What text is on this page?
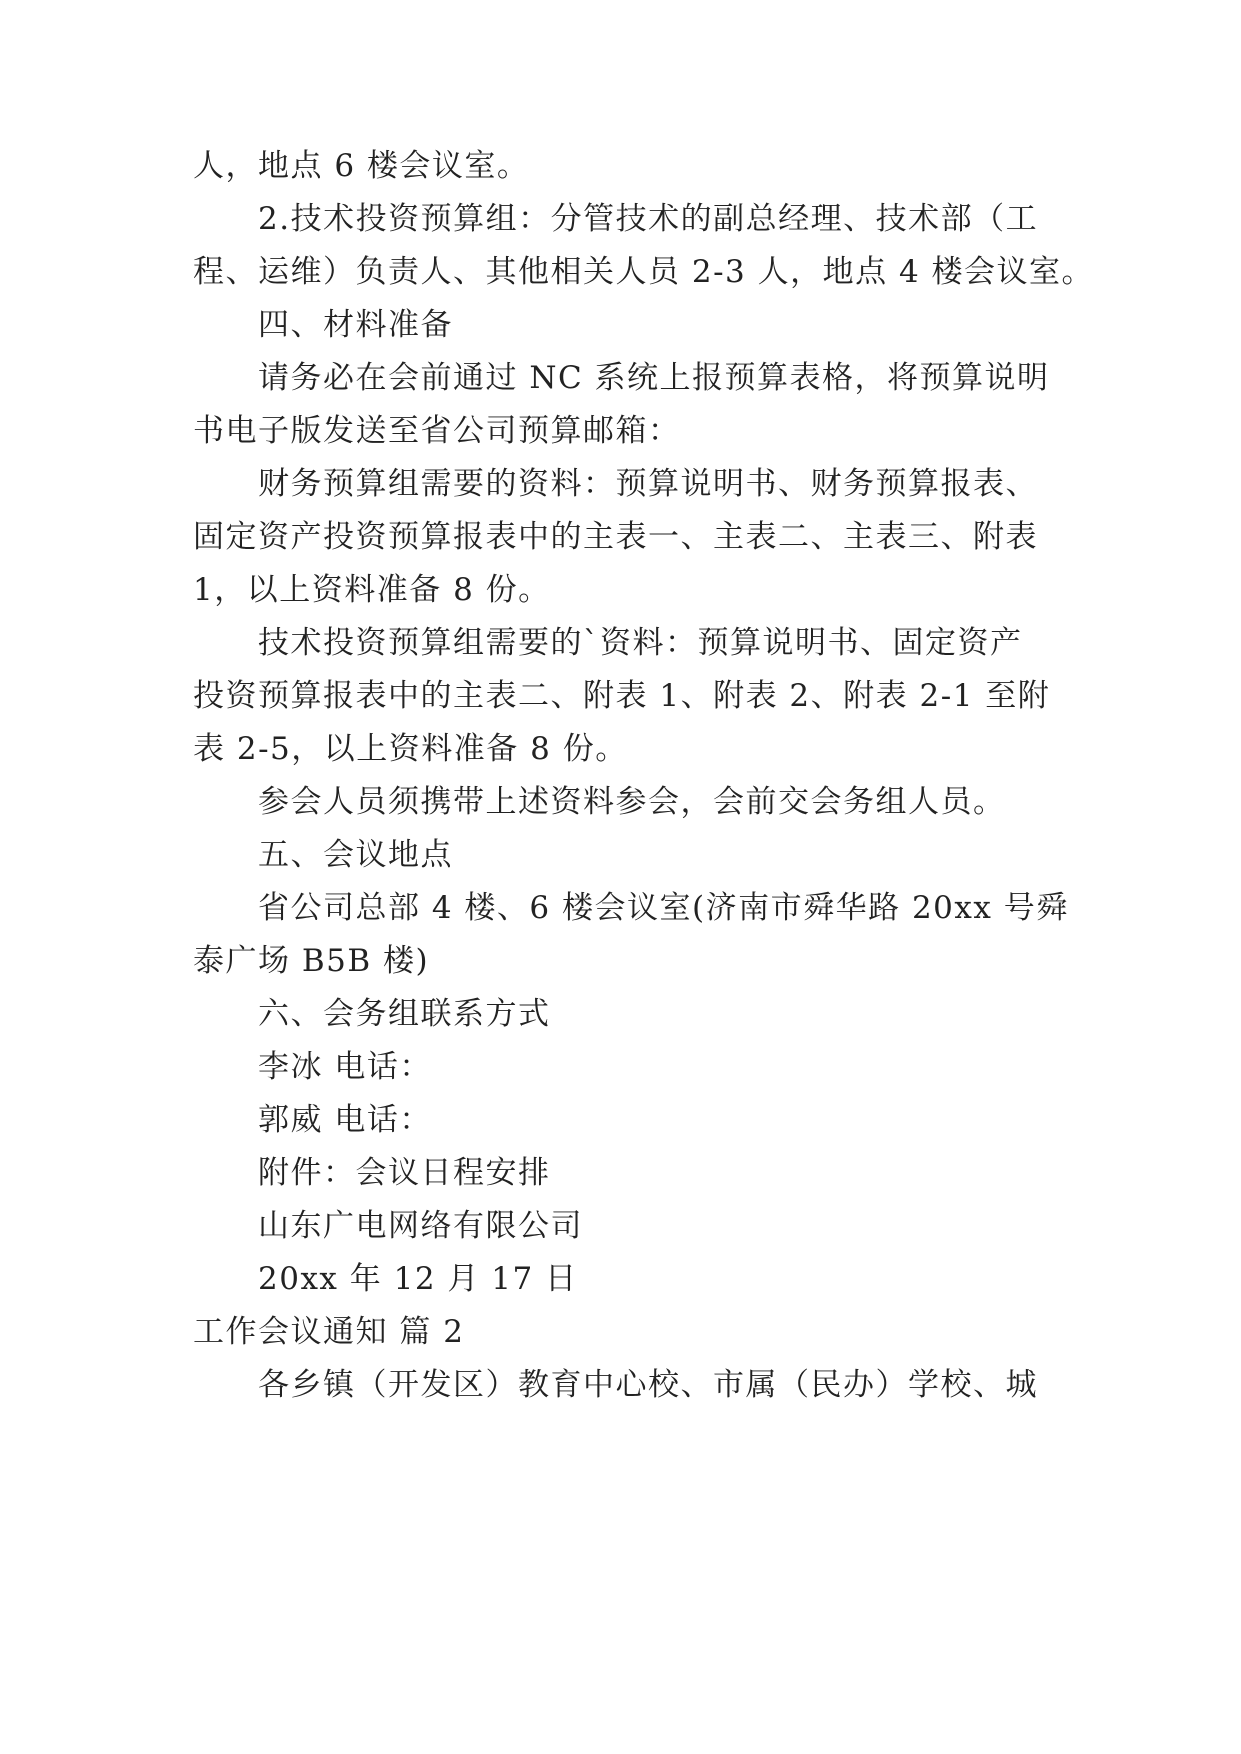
人，地点 6 楼会议室。
2.技术投资预算组：分管技术的副总经理、技术部（工
程、运维）负责人、其他相关人员 2-3 人，地点 4 楼会议室。
四、材料准备
请务必在会前通过 NC 系统上报预算表格，将预算说明
书电子版发送至省公司预算邮箱：
财务预算组需要的资料：预算说明书、财务预算报表、
固定资产投资预算报表中的主表一、主表二、主表三、附表
1，以上资料准备 8 份。
技术投资预算组需要的`资料：预算说明书、固定资产
投资预算报表中的主表二、附表 1、附表 2、附表 2-1 至附
表 2-5，以上资料准备 8 份。
参会人员须携带上述资料参会，会前交会务组人员。
五、会议地点
省公司总部 4 楼、6 楼会议室(济南市舜华路 20xx 号舜
泰广场 B5B 楼)
六、会务组联系方式
李冰 电话：
郭威 电话：
附件：会议日程安排
山东广电网络有限公司
20xx 年 12 月 17 日
工作会议通知 篇 2
各乡镇（开发区）教育中心校、市属（民办）学校、城
